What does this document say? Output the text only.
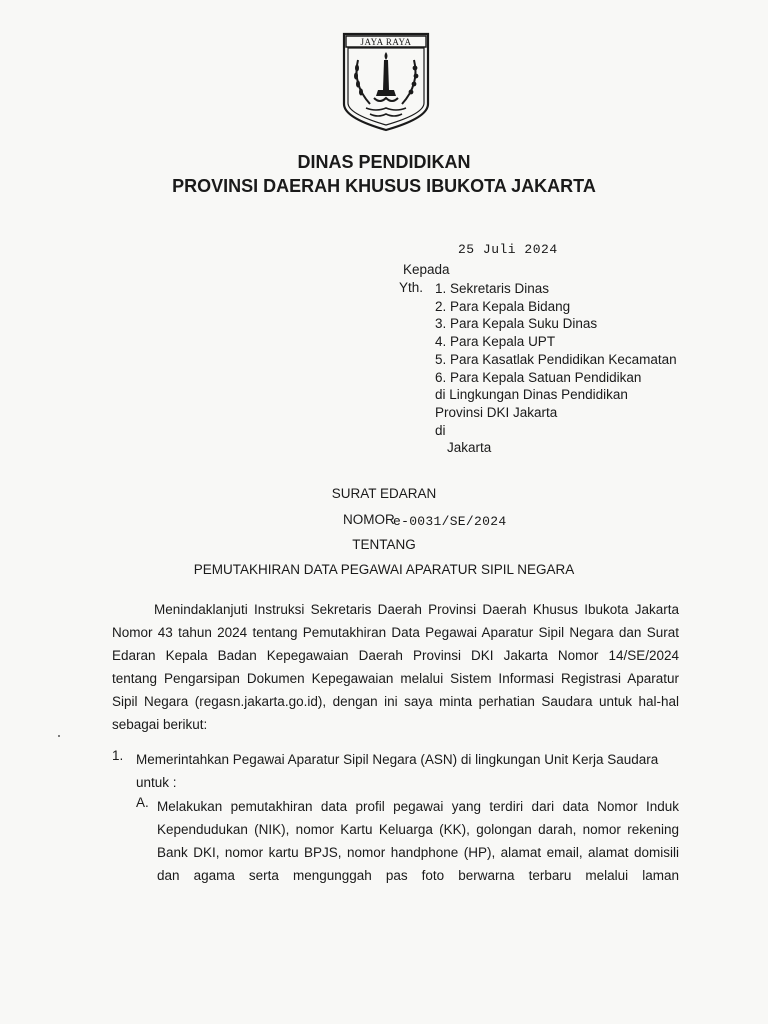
JAYA RAYA
DINAS PENDIDIKAN
PROVINSI DAERAH KHUSUS IBUKOTA JAKARTA
25 Juli 2024
Kepada
Yth. 1. Sekretaris Dinas
2. Para Kepala Bidang
3. Para Kepala Suku Dinas
4. Para Kepala UPT
5. Para Kasatlak Pendidikan Kecamatan
6. Para Kepala Satuan Pendidikan
di Lingkungan Dinas Pendidikan
Provinsi DKI Jakarta
di
Jakarta
SURAT EDARAN
NOMOR
e-0031/SE/2024
TENTANG
PEMUTAKHIRAN DATA PEGAWAI APARATUR SIPIL NEGARA
Menindaklanjuti Instruksi Sekretaris Daerah Provinsi Daerah Khusus Ibukota Jakarta
Nomor 43 tahun 2024 tentang Pemutakhiran Data Pegawai Aparatur Sipil Negara dan Surat
Edaran Kepala Badan Kepegawaian Daerah Provinsi DKI Jakarta Nomor 14/SE/2024
tentang Pengarsipan Dokumen Kepegawaian melalui Sistem Informasi Registrasi Aparatur
Sipil Negara (regasn.jakarta.go.id), dengan ini saya minta perhatian Saudara untuk hal-hal
sebagai berikut:
1. Memerintahkan Pegawai Aparatur Sipil Negara (ASN) di lingkungan Unit Kerja Saudara
untuk :
A. Melakukan pemutakhiran data profil pegawai yang terdiri dari data Nomor Induk
Kependudukan (NIK), nomor Kartu Keluarga (KK), golongan darah, nomor rekening
Bank DKI, nomor kartu BPJS, nomor handphone (HP), alamat email, alamat domisili
dan agama serta mengunggah pas foto berwarna terbaru melalui laman
